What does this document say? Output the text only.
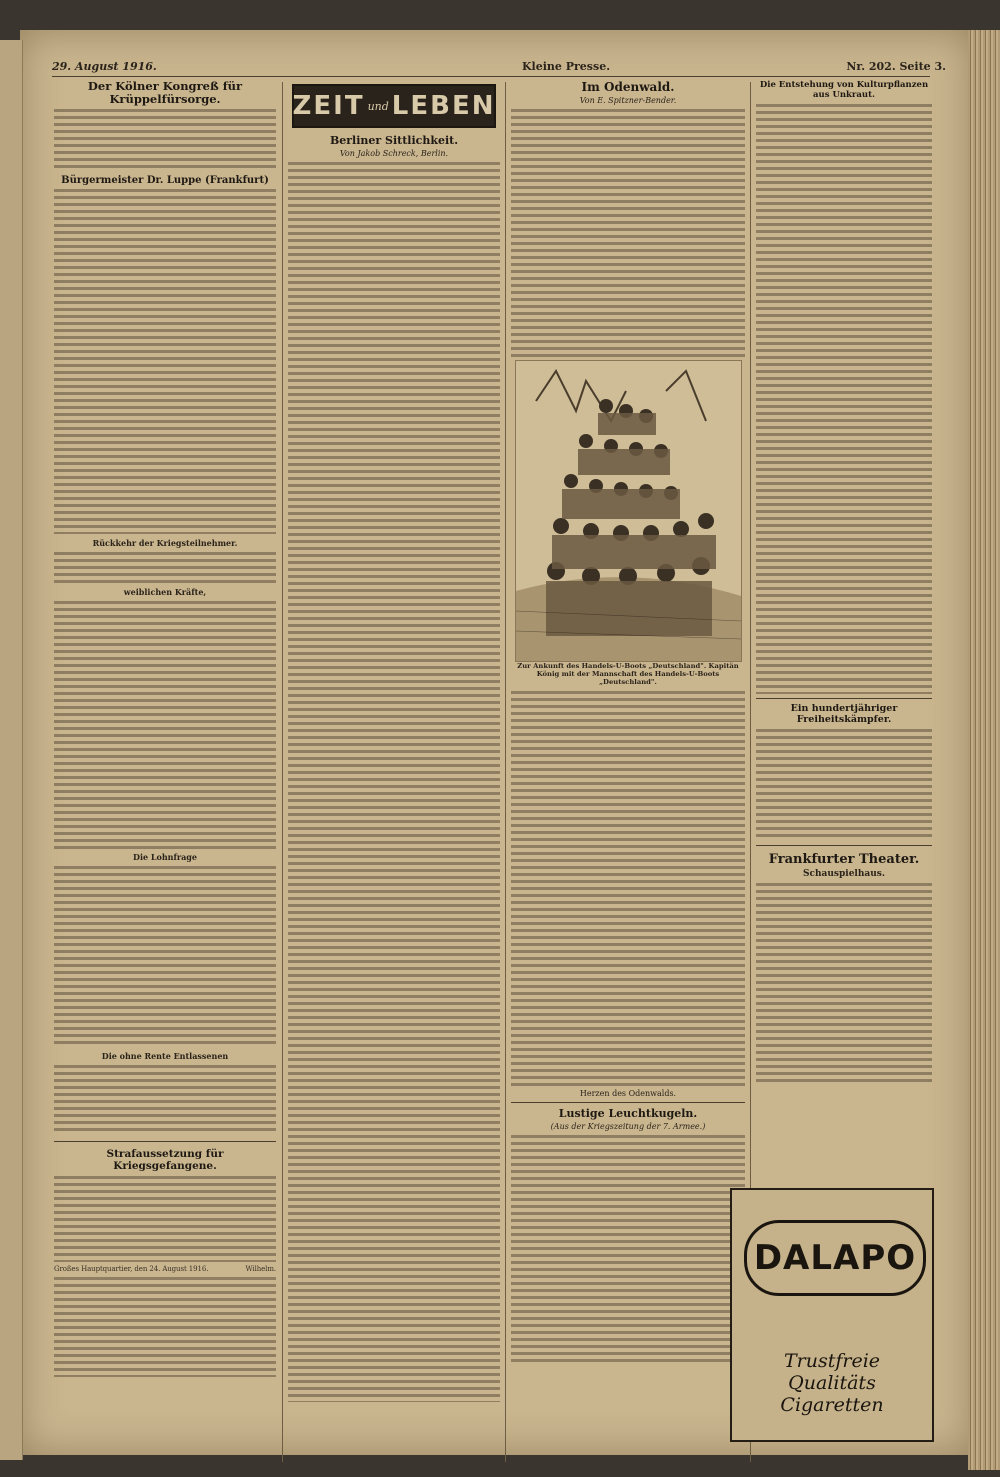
29. August 1916.	Kleine Presse.	Nr. 202. Seite 3.
Der Kölner Kongreß für Krüppelfürsorge.
Bürgermeister Dr. Luppe (Frankfurt)
Rückkehr der Kriegsteilnehmer.
weiblichen Kräfte,
Die Lohnfrage
Die ohne Rente Entlassenen
Strafaussetzung für Kriegsgefangene.
Großes Hauptquartier, den 24. August 1916.	Wilhelm.
ZEIT und LEBEN
Berliner Sittlichkeit.
Von Jakob Schreck, Berlin.
Im Odenwald.
Von E. Spitzner-Bender.
Zur Ankunft des Handels-U-Boots „Deutschland". Kapitän König mit der Mannschaft des Handels-U-Boots „Deutschland".
Herzen des Odenwalds.
Lustige Leuchtkugeln.
(Aus der Kriegszeitung der 7. Armee.)
Die Entstehung von Kulturpflanzen aus Unkraut.
Ein hundertjähriger Freiheitskämpfer.
Frankfurter Theater.
Schauspielhaus.
DALAPO
Trustfreie Qualitäts Cigaretten
